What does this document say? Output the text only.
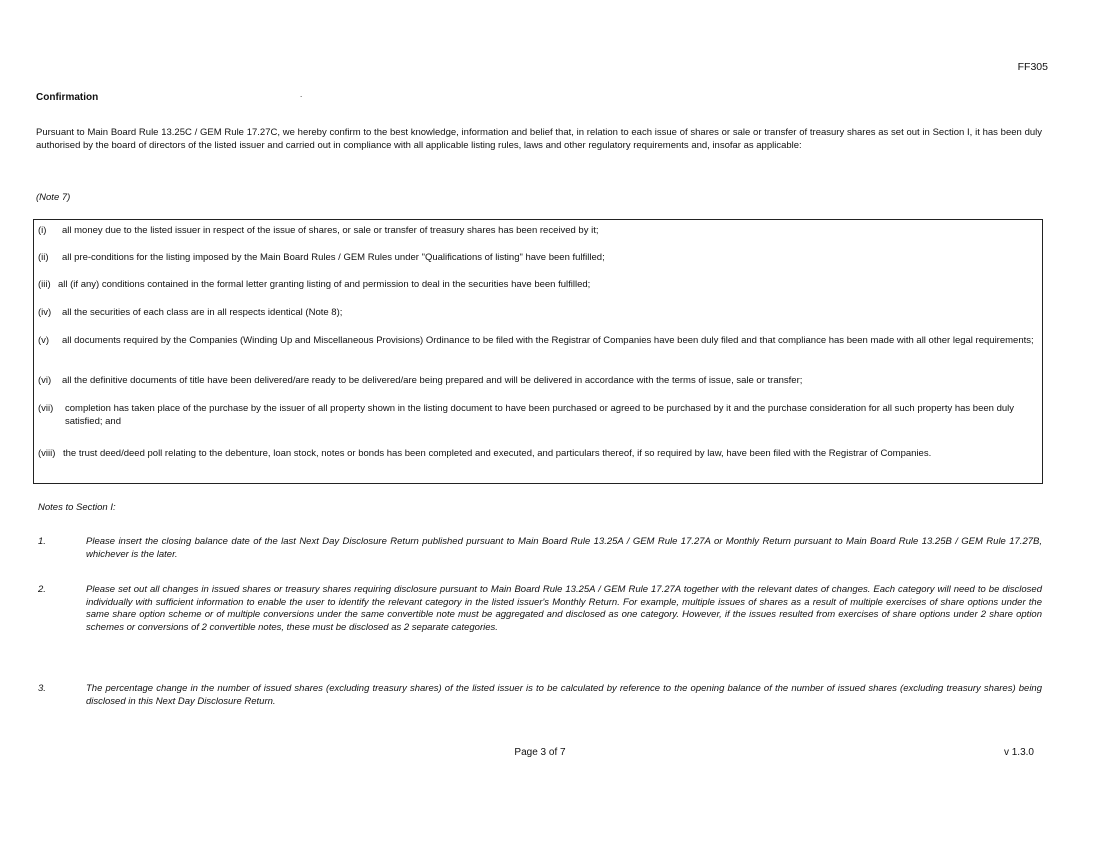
FF305
Confirmation	.
Pursuant to Main Board Rule 13.25C / GEM Rule 17.27C, we hereby confirm to the best knowledge, information and belief that, in relation to each issue of shares or sale or transfer of treasury shares as set out in Section I, it has been duly authorised by the board of directors of the listed issuer and carried out in compliance with all applicable listing rules, laws and other regulatory requirements and, insofar as applicable:
(Note 7)
(i)	all money due to the listed issuer in respect of the issue of shares, or sale or transfer of treasury shares has been received by it;
(ii)	all pre-conditions for the listing imposed by the Main Board Rules / GEM Rules under "Qualifications of listing" have been fulfilled;
(iii) all (if any) conditions contained in the formal letter granting listing of and permission to deal in the securities have been fulfilled;
(iv)	all the securities of each class are in all respects identical (Note 8);
(v)	all documents required by the Companies (Winding Up and Miscellaneous Provisions) Ordinance to be filed with the Registrar of Companies have been duly filed and that compliance has been made with all other legal requirements;
(vi)	all the definitive documents of title have been delivered/are ready to be delivered/are being prepared and will be delivered in accordance with the terms of issue, sale or transfer;
(vii)	completion has taken place of the purchase by the issuer of all property shown in the listing document to have been purchased or agreed to be purchased by it and the purchase consideration for all such property has been duly satisfied; and
(viii) the trust deed/deed poll relating to the debenture, loan stock, notes or bonds has been completed and executed, and particulars thereof, if so required by law, have been filed with the Registrar of Companies.
Notes to Section I:
1.	Please insert the closing balance date of the last Next Day Disclosure Return published pursuant to Main Board Rule 13.25A / GEM Rule 17.27A or Monthly Return pursuant to Main Board Rule 13.25B / GEM Rule 17.27B, whichever is the later.
2.	Please set out all changes in issued shares or treasury shares requiring disclosure pursuant to Main Board Rule 13.25A / GEM Rule 17.27A together with the relevant dates of changes. Each category will need to be disclosed individually with sufficient information to enable the user to identify the relevant category in the listed issuer's Monthly Return. For example, multiple issues of shares as a result of multiple exercises of share options under the same share option scheme or of multiple conversions under the same convertible note must be aggregated and disclosed as one category. However, if the issues resulted from exercises of share options under 2 share option schemes or conversions of 2 convertible notes, these must be disclosed as 2 separate categories.
3.	The percentage change in the number of issued shares (excluding treasury shares) of the listed issuer is to be calculated by reference to the opening balance of the number of issued shares (excluding treasury shares) being disclosed in this Next Day Disclosure Return.
Page 3 of 7	v 1.3.0
